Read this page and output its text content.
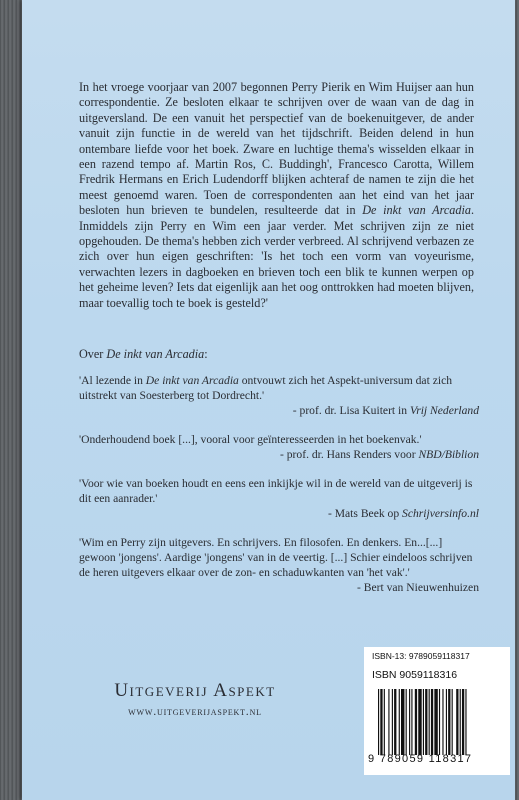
In het vroege voorjaar van 2007 begonnen Perry Pierik en Wim Huijser aan hun correspondentie. Ze besloten elkaar te schrijven over de waan van de dag in uitgeversland. De een vanuit het perspectief van de boekenuitgever, de ander vanuit zijn functie in de wereld van het tijdschrift. Beiden delend in hun ontembare liefde voor het boek. Zware en luchtige thema's wisselden elkaar in een razend tempo af. Martin Ros, C. Buddingh', Francesco Carotta, Willem Fredrik Hermans en Erich Ludendorff blijken achteraf de namen te zijn die het meest genoemd waren. Toen de correspondenten aan het eind van het jaar besloten hun brieven te bundelen, resulteerde dat in De inkt van Arcadia. Inmiddels zijn Perry en Wim een jaar verder. Met schrijven zijn ze niet opgehouden. De thema's hebben zich verder verbreed. Al schrijvend verbazen ze zich over hun eigen geschriften: 'Is het toch een vorm van voyeurisme, verwachten lezers in dagboeken en brieven toch een blik te kunnen werpen op het geheime leven? Iets dat eigenlijk aan het oog onttrokken had moeten blijven, maar toevallig toch te boek is gesteld?'

Over De inkt van Arcadia:

'Al lezende in De inkt van Arcadia ontvouwt zich het Aspekt-universum dat zich uitstrekt van Soesterberg tot Dordrecht.'

- prof. dr. Lisa Kuitert in Vrij Nederland

'Onderhoudend boek [...], vooral voor geïnteresseerden in het boekenvak.'

- prof. dr. Hans Renders voor NBD/Biblion

'Voor wie van boeken houdt en eens een inkijkje wil in de wereld van de uitgeverij is dit een aanrader.'

- Mats Beek op Schrijversinfo.nl

'Wim en Perry zijn uitgevers. En schrijvers. En filosofen. En denkers. En...[...] gewoon 'jongens'. Aardige 'jongens' van in de veertig. [...] Schier eindeloos schrijven de heren uitgevers elkaar over de zon- en schaduwkanten van 'het vak'.'

- Bert van Nieuwenhuizen

Uitgeverij Aspekt

www.uitgeverijaspekt.nl

ISBN-13: 9789059118317

ISBN 9059118316

9 789059 118317
